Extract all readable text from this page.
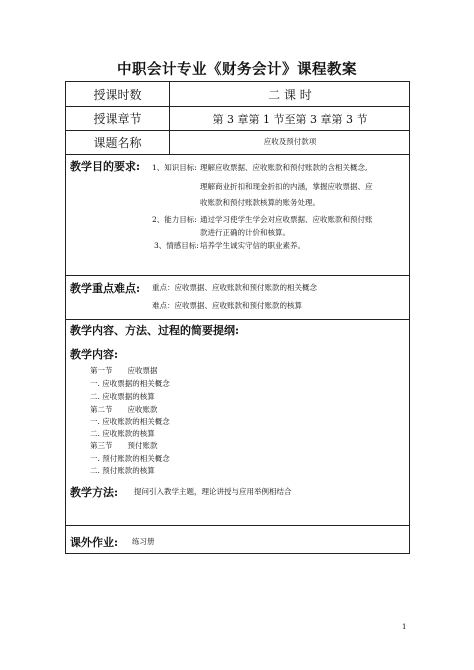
中职会计专业《财务会计》课程教案
授课时数	二 课 时
授课章节	第 3 章第 1 节至第 3 章第 3 节
课题名称	应收及预付款项
教学目的要求: 1、知识目标: 理解应收票据、应收账款和预付账款的含相关概念,
理解商业折扣和现金折扣的内涵，掌握应收票据、应
收账款和预付账款核算的账务处理。
2、能力目标: 通过学习使学生学会对应收票据、应收账款和预付账
款进行正确的计价和核算。
3、情感目标: 培养学生诚实守信的职业素养。
教学重点难点: 重点：应收票据、应收账款和预付账款的相关概念
难点：应收票据、应收账款和预付账款的核算
教学内容、方法、过程的简要提纲:
教学内容:
第一节　　应收票据
一. 应收票据的相关概念
二. 应收票据的核算
第二节　　应收账款
一. 应收账款的相关概念
二. 应收账款的核算
第三节　　预付账款
一. 预付账款的相关概念
二. 预付账款的核算
教学方法: 提问引入教学主题，理论讲授与应用举例相结合
课外作业: 练习册
1
